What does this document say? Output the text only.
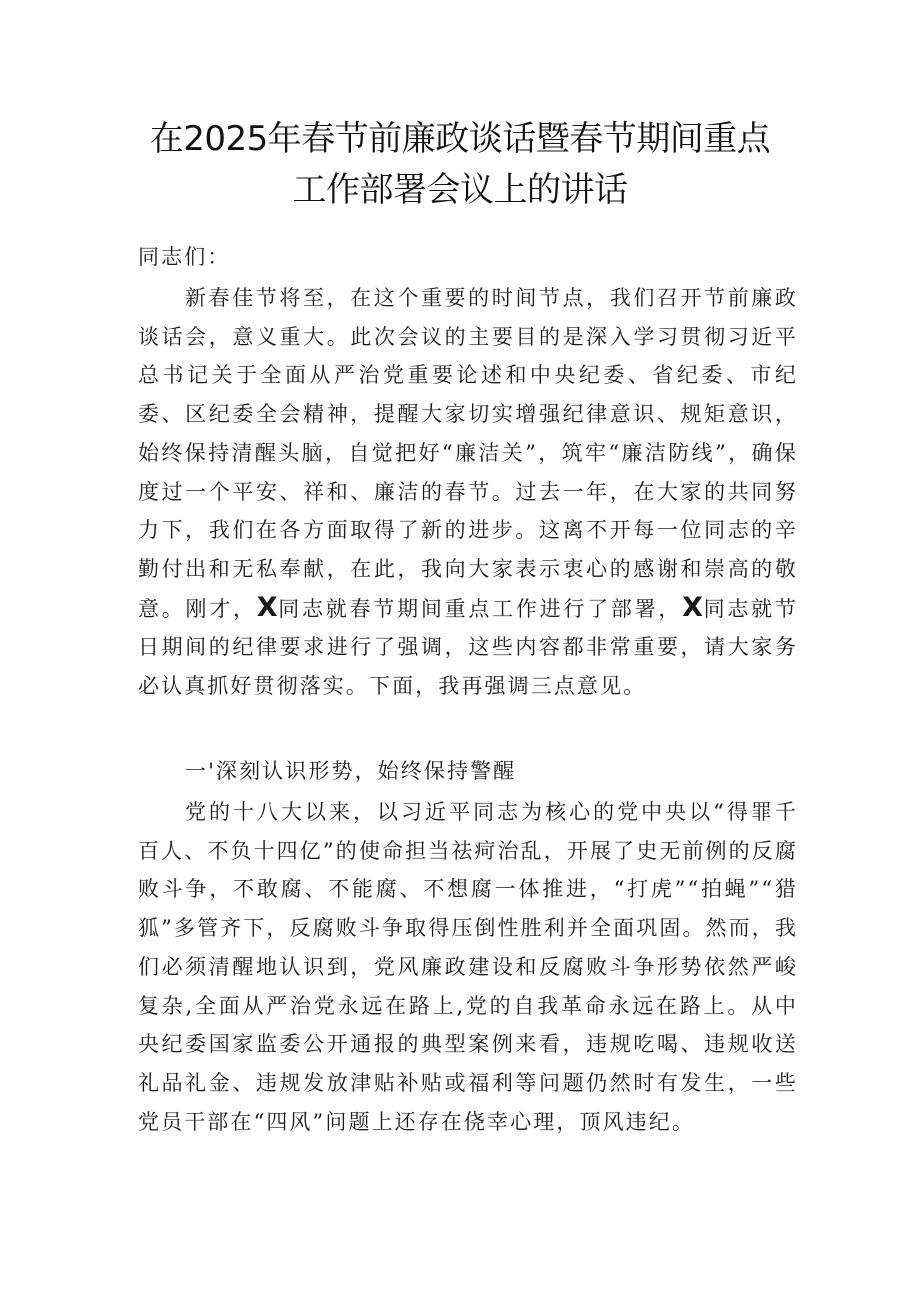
在2025年春节前廉政谈话暨春节期间重点
工作部署会议上的讲话

同志们：

新春佳节将至，在这个重要的时间节点，我们召开节前廉政谈话会，意义重大。此次会议的主要目的是深入学习贯彻习近平总书记关于全面从严治党重要论述和中央纪委、省纪委、市纪委、区纪委全会精神，提醒大家切实增强纪律意识、规矩意识，始终保持清醒头脑，自觉把好“廉洁关”，筑牢“廉洁防线”，确保度过一个平安、祥和、廉洁的春节。过去一年，在大家的共同努力下，我们在各方面取得了新的进步。这离不开每一位同志的辛勤付出和无私奉献，在此，我向大家表示衷心的感谢和崇高的敬意。刚才，X同志就春节期间重点工作进行了部署，X同志就节日期间的纪律要求进行了强调，这些内容都非常重要，请大家务必认真抓好贯彻落实。下面，我再强调三点意见。

一'深刻认识形势，始终保持警醒

党的十八大以来，以习近平同志为核心的党中央以“得罪千百人、不负十四亿”的使命担当祛疴治乱，开展了史无前例的反腐败斗争，不敢腐、不能腐、不想腐一体推进，“打虎”“拍蝇”“猎狐”多管齐下，反腐败斗争取得压倒性胜利并全面巩固。然而，我们必须清醒地认识到，党风廉政建设和反腐败斗争形势依然严峻复杂,全面从严治党永远在路上,党的自我革命永远在路上。从中央纪委国家监委公开通报的典型案例来看，违规吃喝、违规收送礼品礼金、违规发放津贴补贴或福利等问题仍然时有发生，一些党员干部在“四风”问题上还存在侥幸心理，顶风违纪。
